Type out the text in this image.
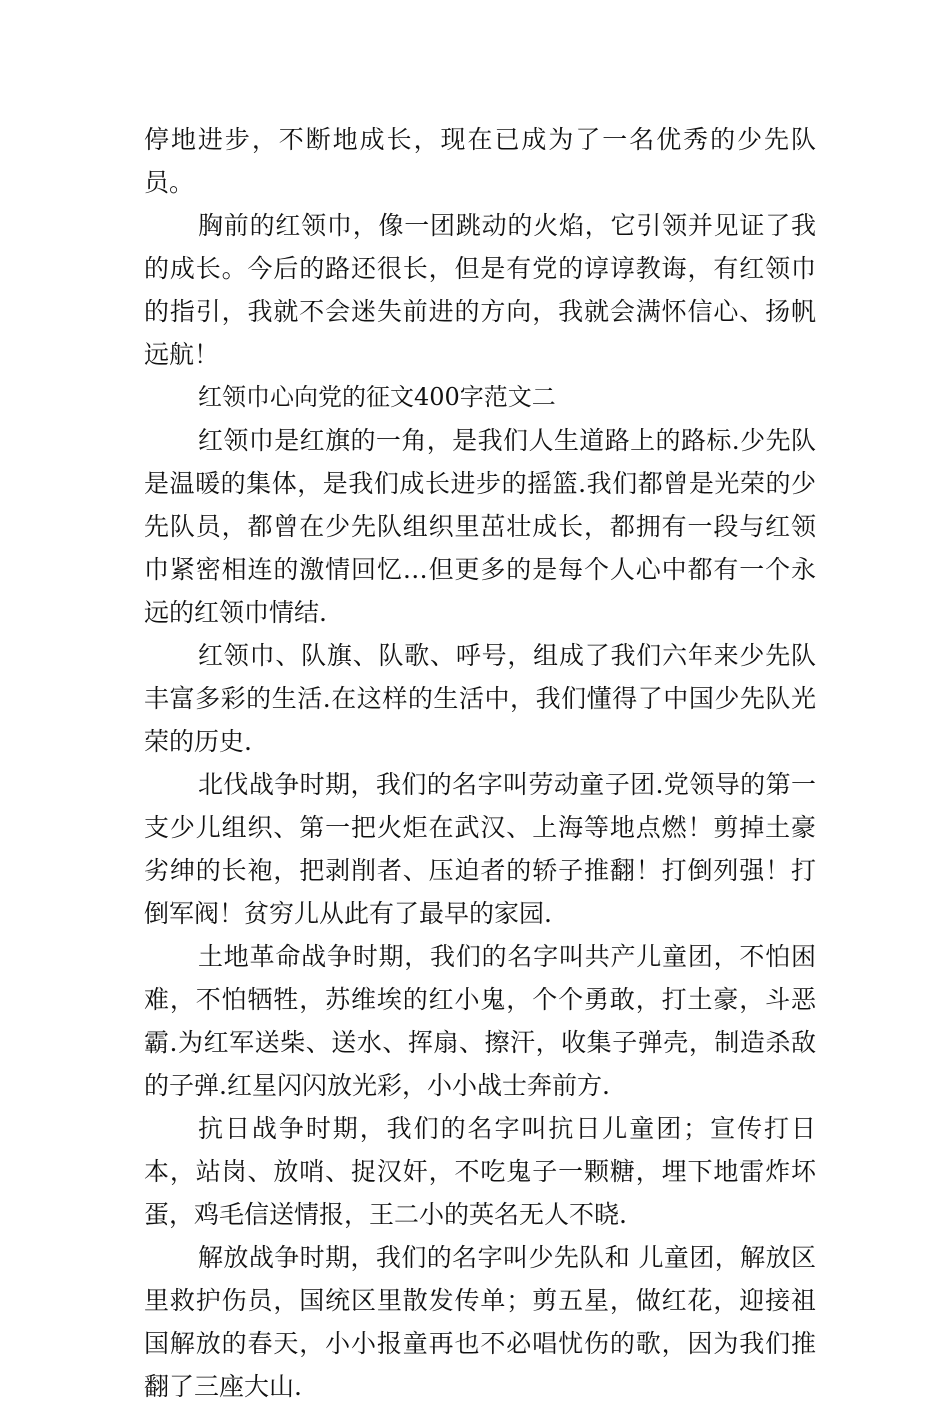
停地进步，不断地成长，现在已成为了一名优秀的少先队员。

胸前的红领巾，像一团跳动的火焰，它引领并见证了我的成长。今后的路还很长，但是有党的谆谆教诲，有红领巾的指引，我就不会迷失前进的方向，我就会满怀信心、扬帆远航！

红领巾心向党的征文400字范文二

红领巾是红旗的一角，是我们人生道路上的路标.少先队是温暖的集体，是我们成长进步的摇篮.我们都曾是光荣的少先队员，都曾在少先队组织里茁壮成长，都拥有一段与红领巾紧密相连的激情回忆…但更多的是每个人心中都有一个永远的红领巾情结.

红领巾、队旗、队歌、呼号，组成了我们六年来少先队丰富多彩的生活.在这样的生活中，我们懂得了中国少先队光荣的历史.

北伐战争时期，我们的名字叫劳动童子团.党领导的第一支少儿组织、第一把火炬在武汉、上海等地点燃！剪掉土豪劣绅的长袍，把剥削者、压迫者的轿子推翻！打倒列强！打倒军阀！贫穷儿从此有了最早的家园.

土地革命战争时期，我们的名字叫共产儿童团，不怕困难，不怕牺牲，苏维埃的红小鬼，个个勇敢，打土豪，斗恶霸.为红军送柴、送水、挥扇、擦汗，收集子弹壳，制造杀敌的子弹.红星闪闪放光彩，小小战士奔前方.

抗日战争时期，我们的名字叫抗日儿童团；宣传打日本，站岗、放哨、捉汉奸，不吃鬼子一颗糖，埋下地雷炸坏蛋，鸡毛信送情报，王二小的英名无人不晓.

解放战争时期，我们的名字叫少先队和 儿童团，解放区里救护伤员，国统区里散发传单；剪五星，做红花，迎接祖国解放的春天，小小报童再也不必唱忧伤的歌，因为我们推翻了三座大山.
